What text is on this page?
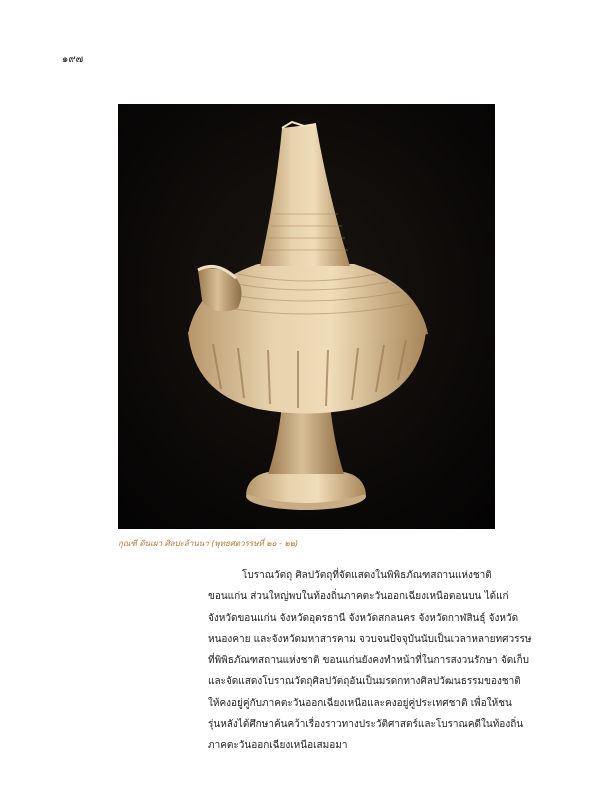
๑๙๗
กุณฑี ดินเผา ศิลปะล้านนา (พุทธศตวรรษที่ ๒๐ - ๒๒)

โบราณวัตถุ ศิลปวัตถุที่จัดแสดงในพิพิธภัณฑสถานแห่งชาติ
ขอนแก่น ส่วนใหญ่พบในท้องถิ่นภาคตะวันออกเฉียงเหนือตอนบน ได้แก่
จังหวัดขอนแก่น จังหวัดอุดรธานี จังหวัดสกลนคร จังหวัดกาฬสินธุ์ จังหวัด
หนองคาย และจังหวัดมหาสารคาม จวบจนปัจจุบันนับเป็นเวลาหลายทศวรรษ
ที่พิพิธภัณฑสถานแห่งชาติ ขอนแก่นยังคงทำหน้าที่ในการสงวนรักษา จัดเก็บ
และจัดแสดงโบราณวัตถุศิลปวัตถุอันเป็นมรดกทางศิลปวัฒนธรรมของชาติ
ให้คงอยู่คู่กับภาคตะวันออกเฉียงเหนือและคงอยู่คู่ประเทศชาติ เพื่อให้ชน
รุ่นหลังได้ศึกษาค้นคว้าเรื่องราวทางประวัติศาสตร์และโบราณคดีในท้องถิ่น
ภาคตะวันออกเฉียงเหนือเสมอมา
